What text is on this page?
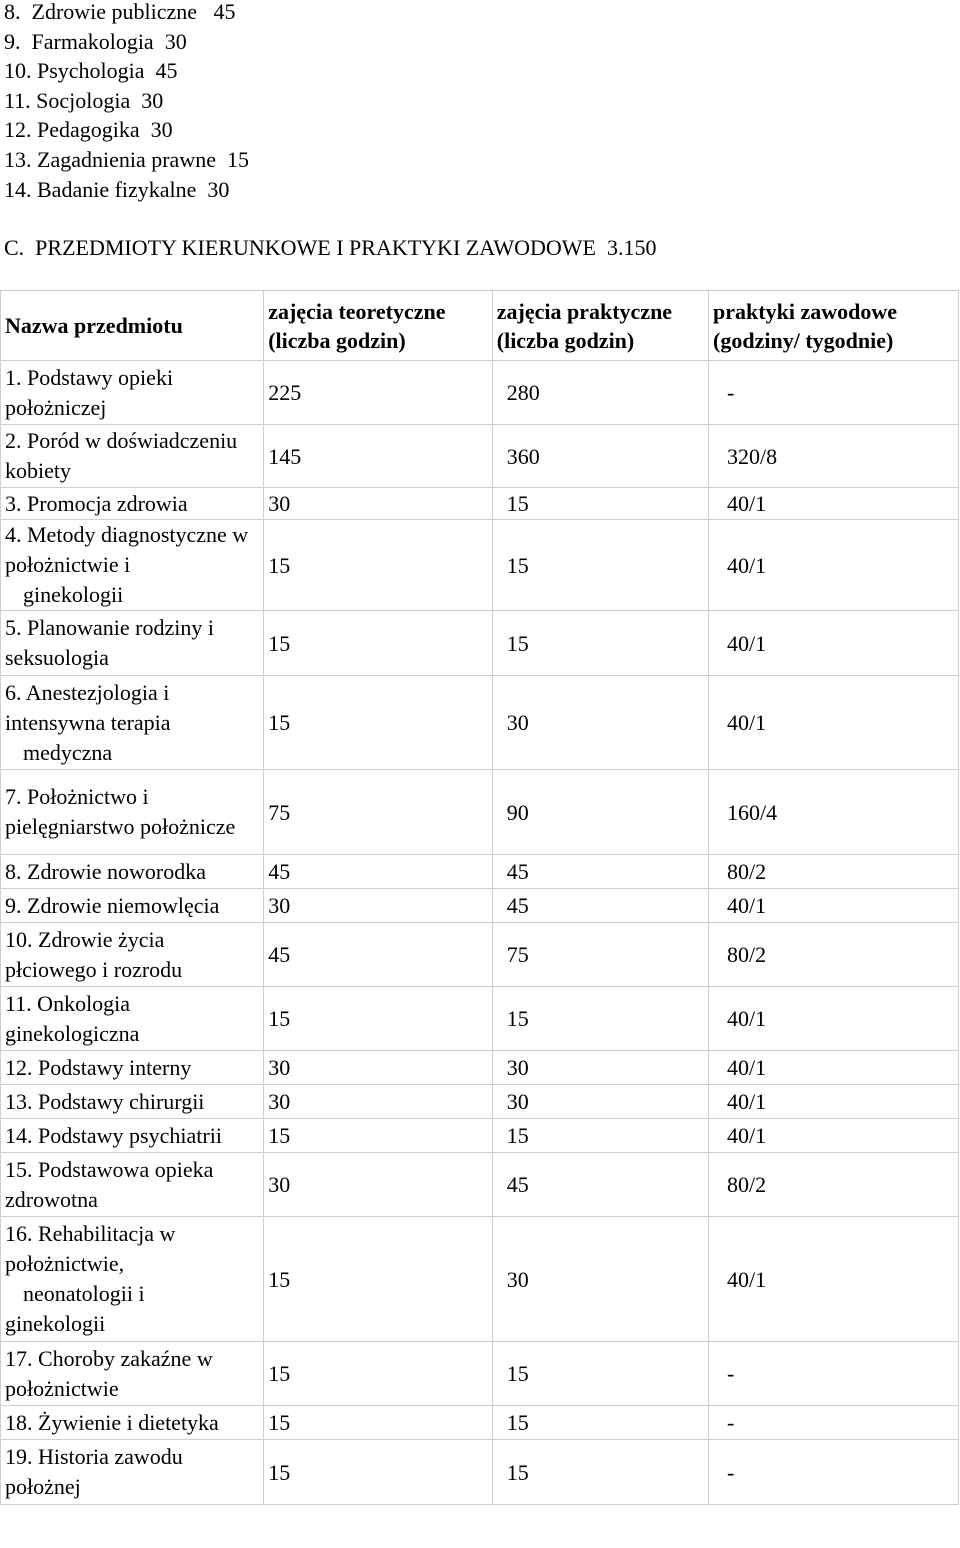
8.  Zdrowie publiczne   45
9.  Farmakologia  30
10. Psychologia  45
11. Socjologia  30
12. Pedagogika  30
13. Zagadnienia prawne  15
14. Badanie fizykalne  30
C.  PRZEDMIOTY KIERUNKOWE I PRAKTYKI ZAWODOWE  3.150
Nazwa przedmiotu	zajęcia teoretyczne (liczba godzin)	zajęcia praktyczne (liczba godzin)	praktyki zawodowe (godziny/ tygodnie)
1. Podstawy opieki położniczej	225	280	-
2. Poród w doświadczeniu kobiety	145	360	320/8
3. Promocja zdrowia	30	15	40/1
4. Metody diagnostyczne w położnictwie i
ginekologii	15	15	40/1
5. Planowanie rodziny i seksuologia	15	15	40/1
6. Anestezjologia i intensywna terapia
medyczna	15	30	40/1
7. Położnictwo i pielęgniarstwo położnicze	75	90	160/4
8. Zdrowie noworodka	45	45	80/2
9. Zdrowie niemowlęcia	30	45	40/1
10. Zdrowie życia płciowego i rozrodu	45	75	80/2
11. Onkologia ginekologiczna	15	15	40/1
12. Podstawy interny	30	30	40/1
13. Podstawy chirurgii	30	30	40/1
14. Podstawy psychiatrii	15	15	40/1
15. Podstawowa opieka zdrowotna	30	45	80/2
16. Rehabilitacja w położnictwie,
neonatologii i
ginekologii	15	30	40/1
17. Choroby zakaźne w położnictwie	15	15	-
18. Żywienie i dietetyka	15	15	-
19. Historia zawodu położnej	15	15	-
